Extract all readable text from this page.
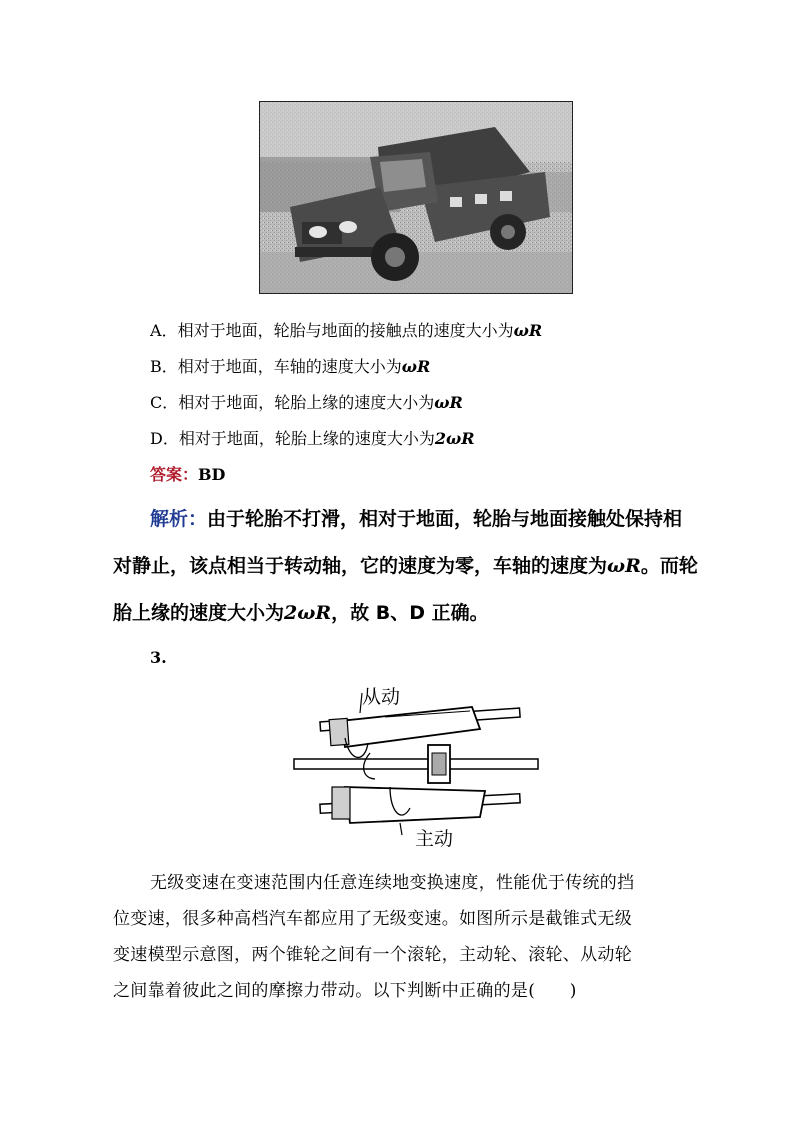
A．相对于地面，轮胎与地面的接触点的速度大小为ωR
B．相对于地面，车轴的速度大小为ωR
C．相对于地面，轮胎上缘的速度大小为ωR
D．相对于地面，轮胎上缘的速度大小为2ωR
答案：BD
解析：由于轮胎不打滑，相对于地面，轮胎与地面接触处保持相
对静止，该点相当于转动轴，它的速度为零，车轴的速度为ωR。而轮
胎上缘的速度大小为2ωR，故 B、D 正确。
3.
从动
主动
无级变速在变速范围内任意连续地变换速度，性能优于传统的挡
位变速，很多种高档汽车都应用了无级变速。如图所示是截锥式无级
变速模型示意图，两个锥轮之间有一个滚轮，主动轮、滚轮、从动轮
之间靠着彼此之间的摩擦力带动。以下判断中正确的是(　　)
